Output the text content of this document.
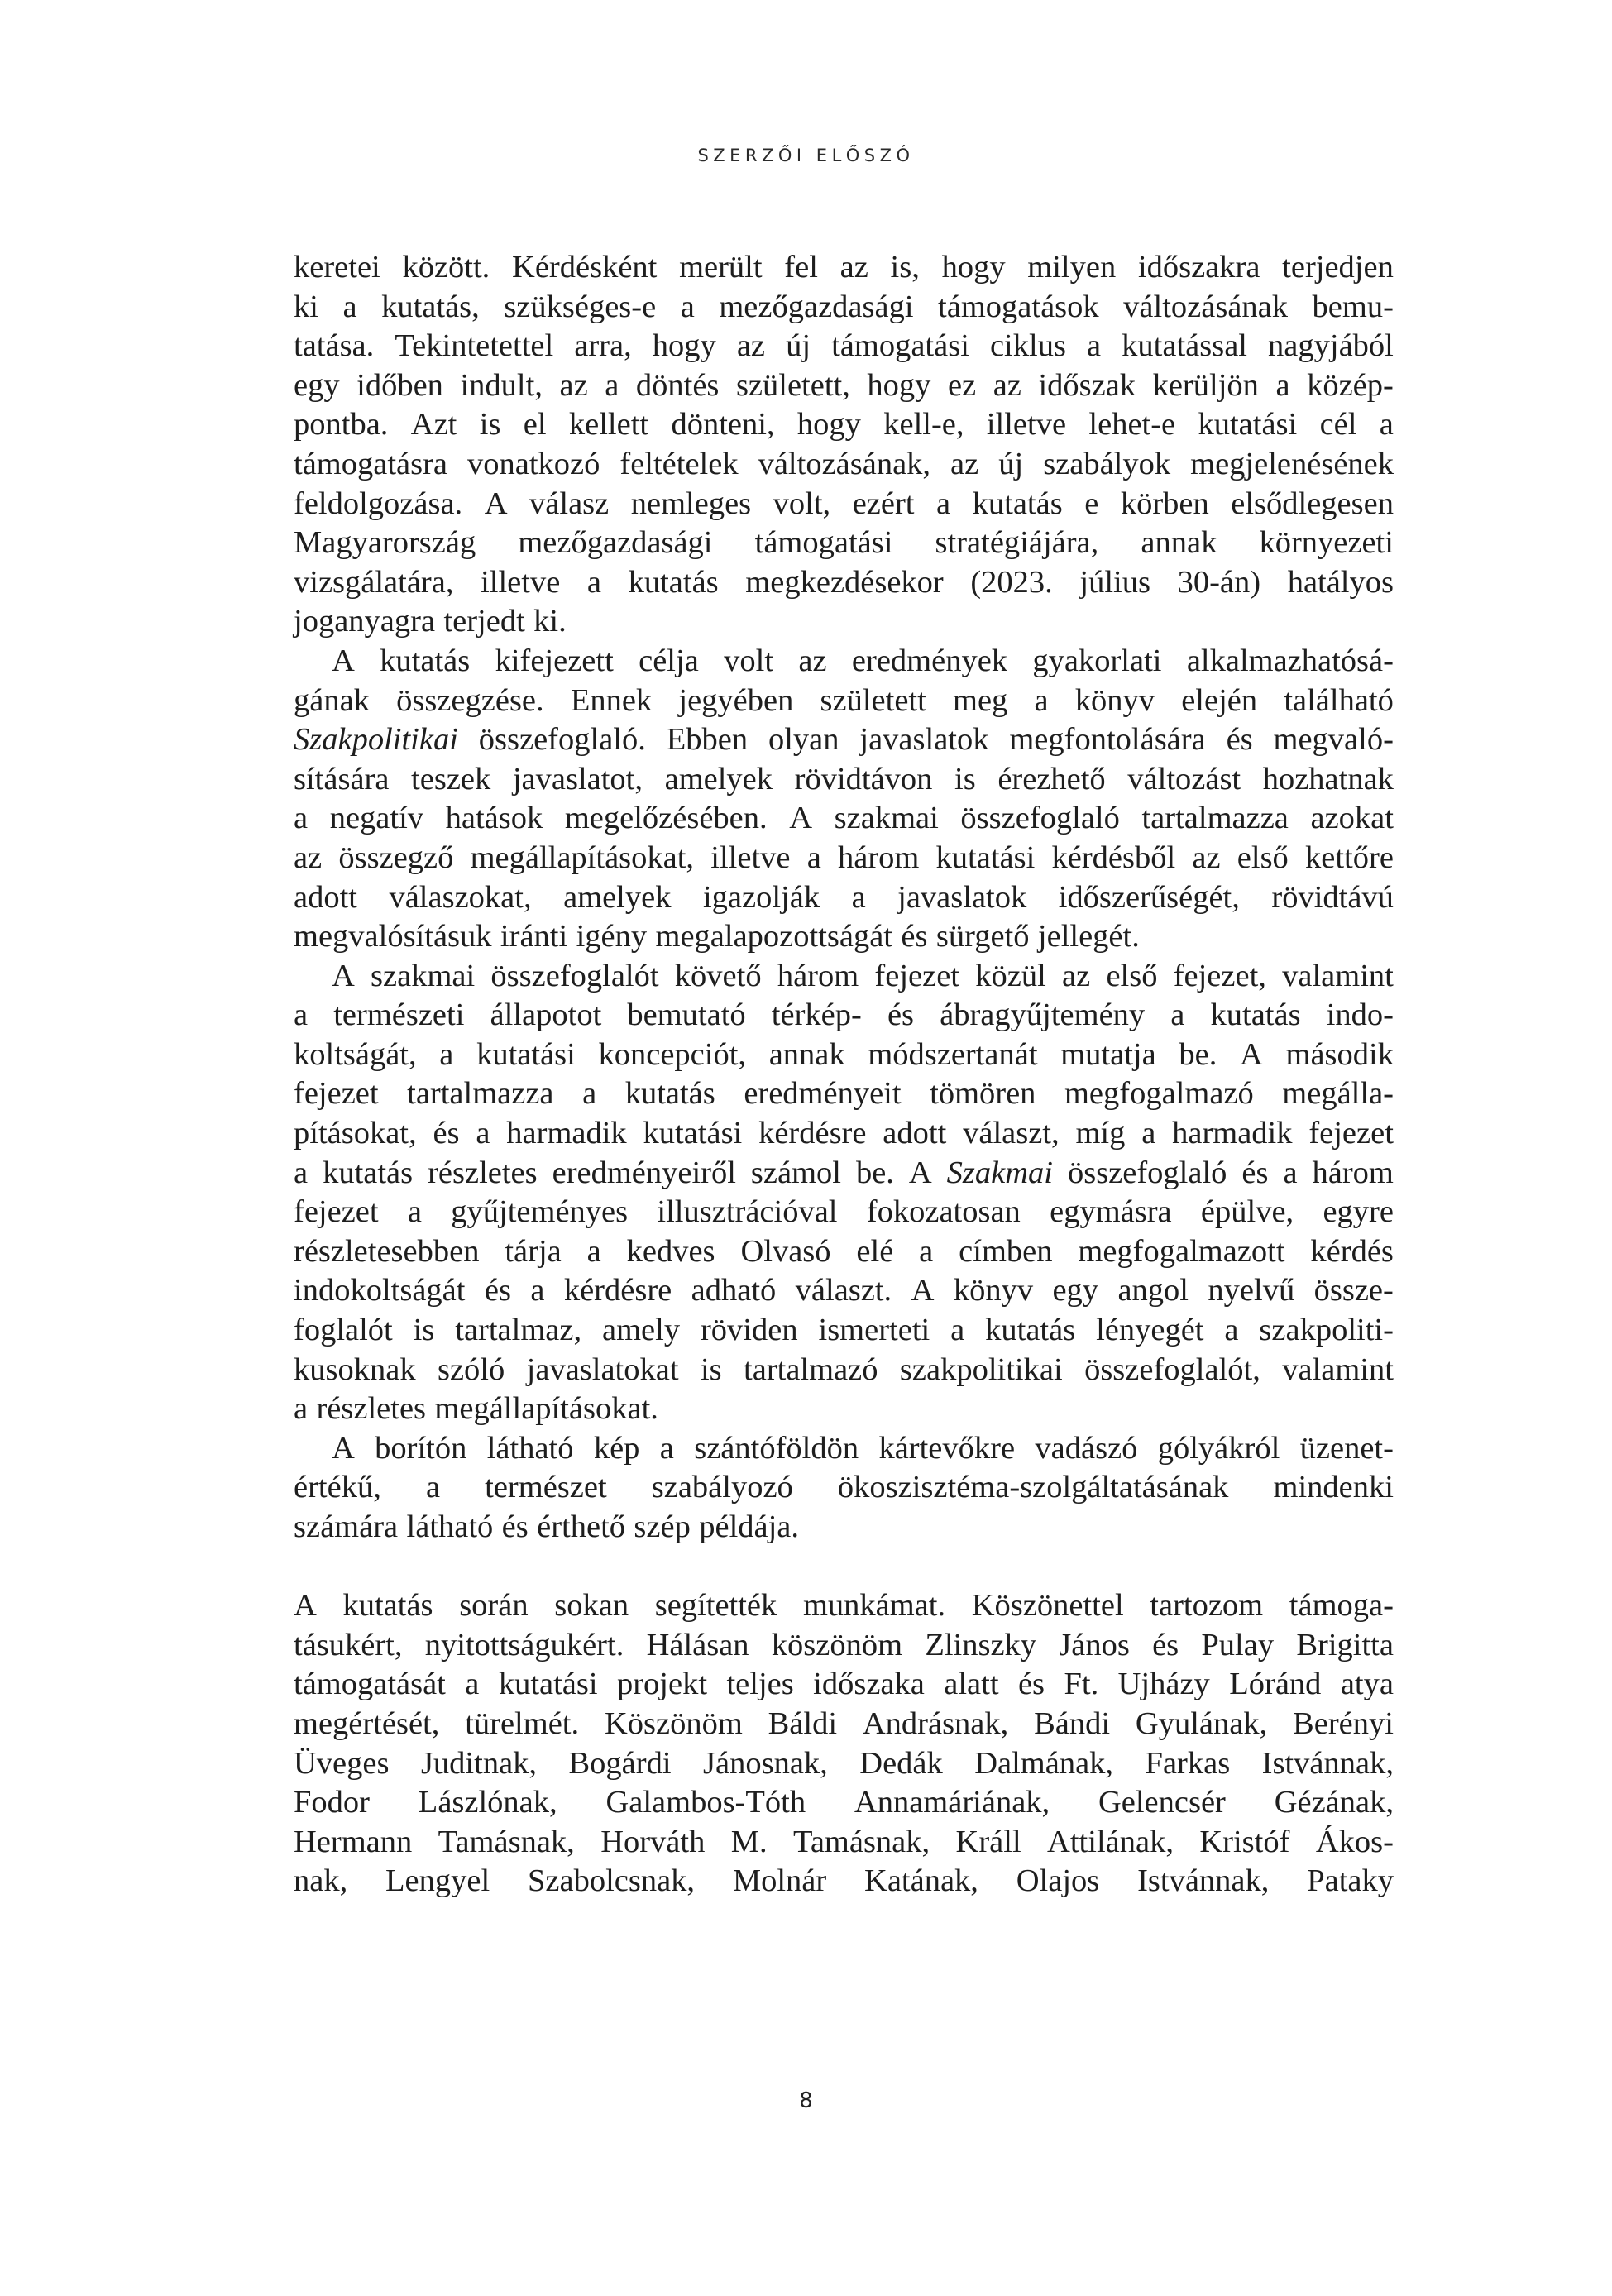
SZERZŐI ELŐSZÓ
keretei között. Kérdésként merült fel az is, hogy milyen időszakra terjedjen
ki a kutatás, szükséges-e a mezőgazdasági támogatások változásának bemu-
tatása. Tekintetettel arra, hogy az új támogatási ciklus a kutatással nagyjából
egy időben indult, az a döntés született, hogy ez az időszak kerüljön a közép-
pontba. Azt is el kellett dönteni, hogy kell-e, illetve lehet-e kutatási cél a
támogatásra vonatkozó feltételek változásának, az új szabályok megjelenésének
feldolgozása. A válasz nemleges volt, ezért a kutatás e körben elsődlegesen
Magyarország mezőgazdasági támogatási stratégiájára, annak környezeti
vizsgálatára, illetve a kutatás megkezdésekor (2023. július 30-án) hatályos
joganyagra terjedt ki.
A kutatás kifejezett célja volt az eredmények gyakorlati alkalmazhatósá-
gának összegzése. Ennek jegyében született meg a könyv elején található
Szakpolitikai összefoglaló. Ebben olyan javaslatok megfontolására és megvaló-
sítására teszek javaslatot, amelyek rövidtávon is érezhető változást hozhatnak
a negatív hatások megelőzésében. A szakmai összefoglaló tartalmazza azokat
az összegző megállapításokat, illetve a három kutatási kérdésből az első kettőre
adott válaszokat, amelyek igazolják a javaslatok időszerűségét, rövidtávú
megvalósításuk iránti igény megalapozottságát és sürgető jellegét.
A szakmai összefoglalót követő három fejezet közül az első fejezet, valamint
a természeti állapotot bemutató térkép- és ábragyűjtemény a kutatás indo-
koltságát, a kutatási koncepciót, annak módszertanát mutatja be. A második
fejezet tartalmazza a kutatás eredményeit tömören megfogalmazó megálla-
pításokat, és a harmadik kutatási kérdésre adott választ, míg a harmadik fejezet
a kutatás részletes eredményeiről számol be. A Szakmai összefoglaló és a három
fejezet a gyűjteményes illusztrációval fokozatosan egymásra épülve, egyre
részletesebben tárja a kedves Olvasó elé a címben megfogalmazott kérdés
indokoltságát és a kérdésre adható választ. A könyv egy angol nyelvű össze-
foglalót is tartalmaz, amely röviden ismerteti a kutatás lényegét a szakpoliti-
kusoknak szóló javaslatokat is tartalmazó szakpolitikai összefoglalót, valamint
a részletes megállapításokat.
A borítón látható kép a szántóföldön kártevőkre vadászó gólyákról üzenet-
értékű, a természet szabályozó ökoszisztéma-szolgáltatásának mindenki
számára látható és érthető szép példája.
A kutatás során sokan segítették munkámat. Köszönettel tartozom támoga-
tásukért, nyitottságukért. Hálásan köszönöm Zlinszky János és Pulay Brigitta
támogatását a kutatási projekt teljes időszaka alatt és Ft. Ujházy Lóránd atya
megértését, türelmét. Köszönöm Báldi Andrásnak, Bándi Gyulának, Berényi
Üveges Juditnak, Bogárdi Jánosnak, Dedák Dalmának, Farkas Istvánnak,
Fodor Lászlónak, Galambos-Tóth Annamáriának, Gelencsér Gézának,
Hermann Tamásnak, Horváth M. Tamásnak, Králl Attilának, Kristóf Ákos-
nak, Lengyel Szabolcsnak, Molnár Katának, Olajos Istvánnak, Pataky
8
